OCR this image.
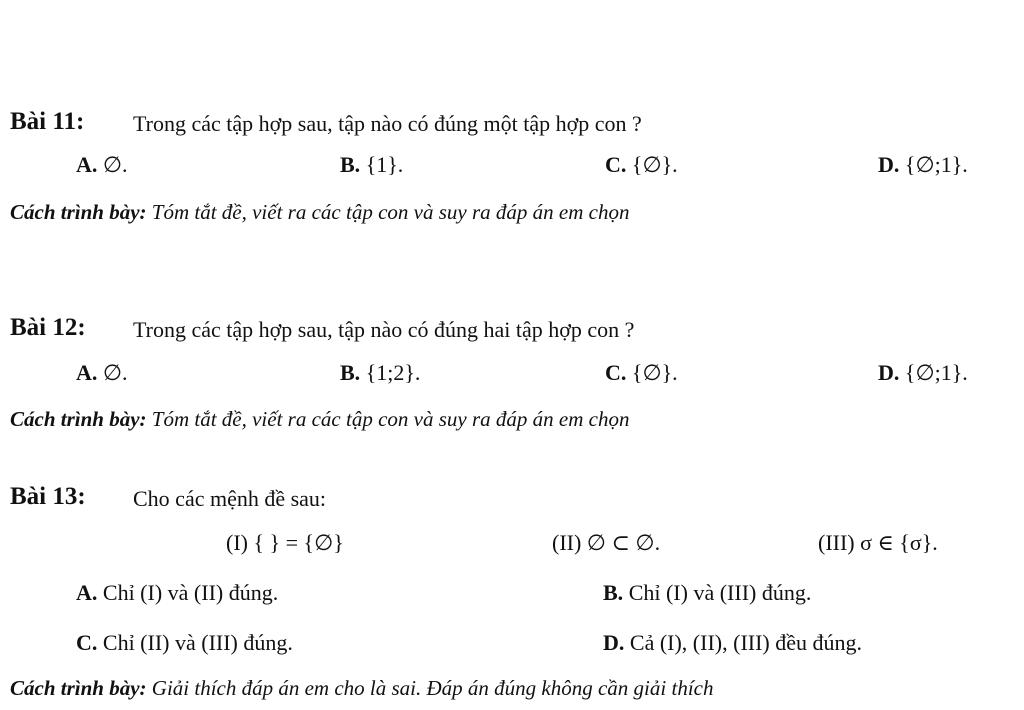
Bài 11: Trong các tập hợp sau, tập nào có đúng một tập hợp con ?
A. ∅.	B. {1}.	C. {∅}.	D. {∅;1}.
Cách trình bày: Tóm tắt đề, viết ra các tập con và suy ra đáp án em chọn
Bài 12: Trong các tập hợp sau, tập nào có đúng hai tập hợp con ?
A. ∅.	B. {1;2}.	C. {∅}.	D. {∅;1}.
Cách trình bày: Tóm tắt đề, viết ra các tập con và suy ra đáp án em chọn
Bài 13: Cho các mệnh đề sau:
(I) { } = {∅}	(II) ∅ ⊂ ∅.	(III) σ ∈ {σ}.
A. Chỉ (I) và (II) đúng.	B. Chỉ (I) và (III) đúng.
C. Chỉ (II) và (III) đúng.	D. Cả (I), (II), (III) đều đúng.
Cách trình bày: Giải thích đáp án em cho là sai. Đáp án đúng không cần giải thích
